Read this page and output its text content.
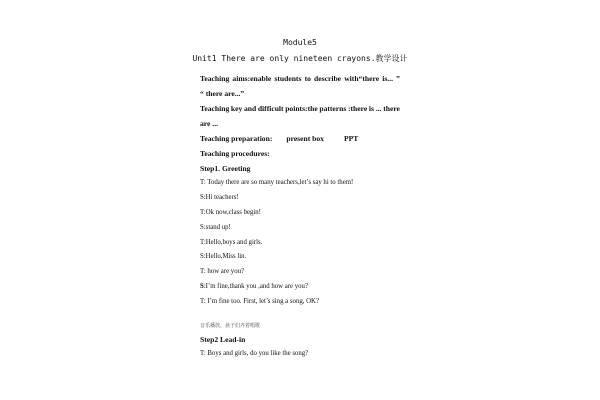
Module5
Unit1 There are only nineteen crayons.教学设计
Teaching aims:enable students to describe with“there is... ”
“ there are...”
Teaching key and difficult points:the patterns :there is ... there
are ...
Teaching preparation: present box	PPT
Teaching procedures:
Step1. Greeting
T: Today there are so many teachers,let’s say hi to them!
S:Hi teachers!
T:Ok now,class begin!
S:stand up!
T:Hello,boys and girls.
S:Hello,Miss lin.
T: how are you?
S:I’m fine,thank you ,and how are you?
T: I’m fine too. First, let’s sing a song, OK?
音乐播放，孩子们齐着唱歌
Step2 Lead-in
T: Boys and girls, do you like the song?
